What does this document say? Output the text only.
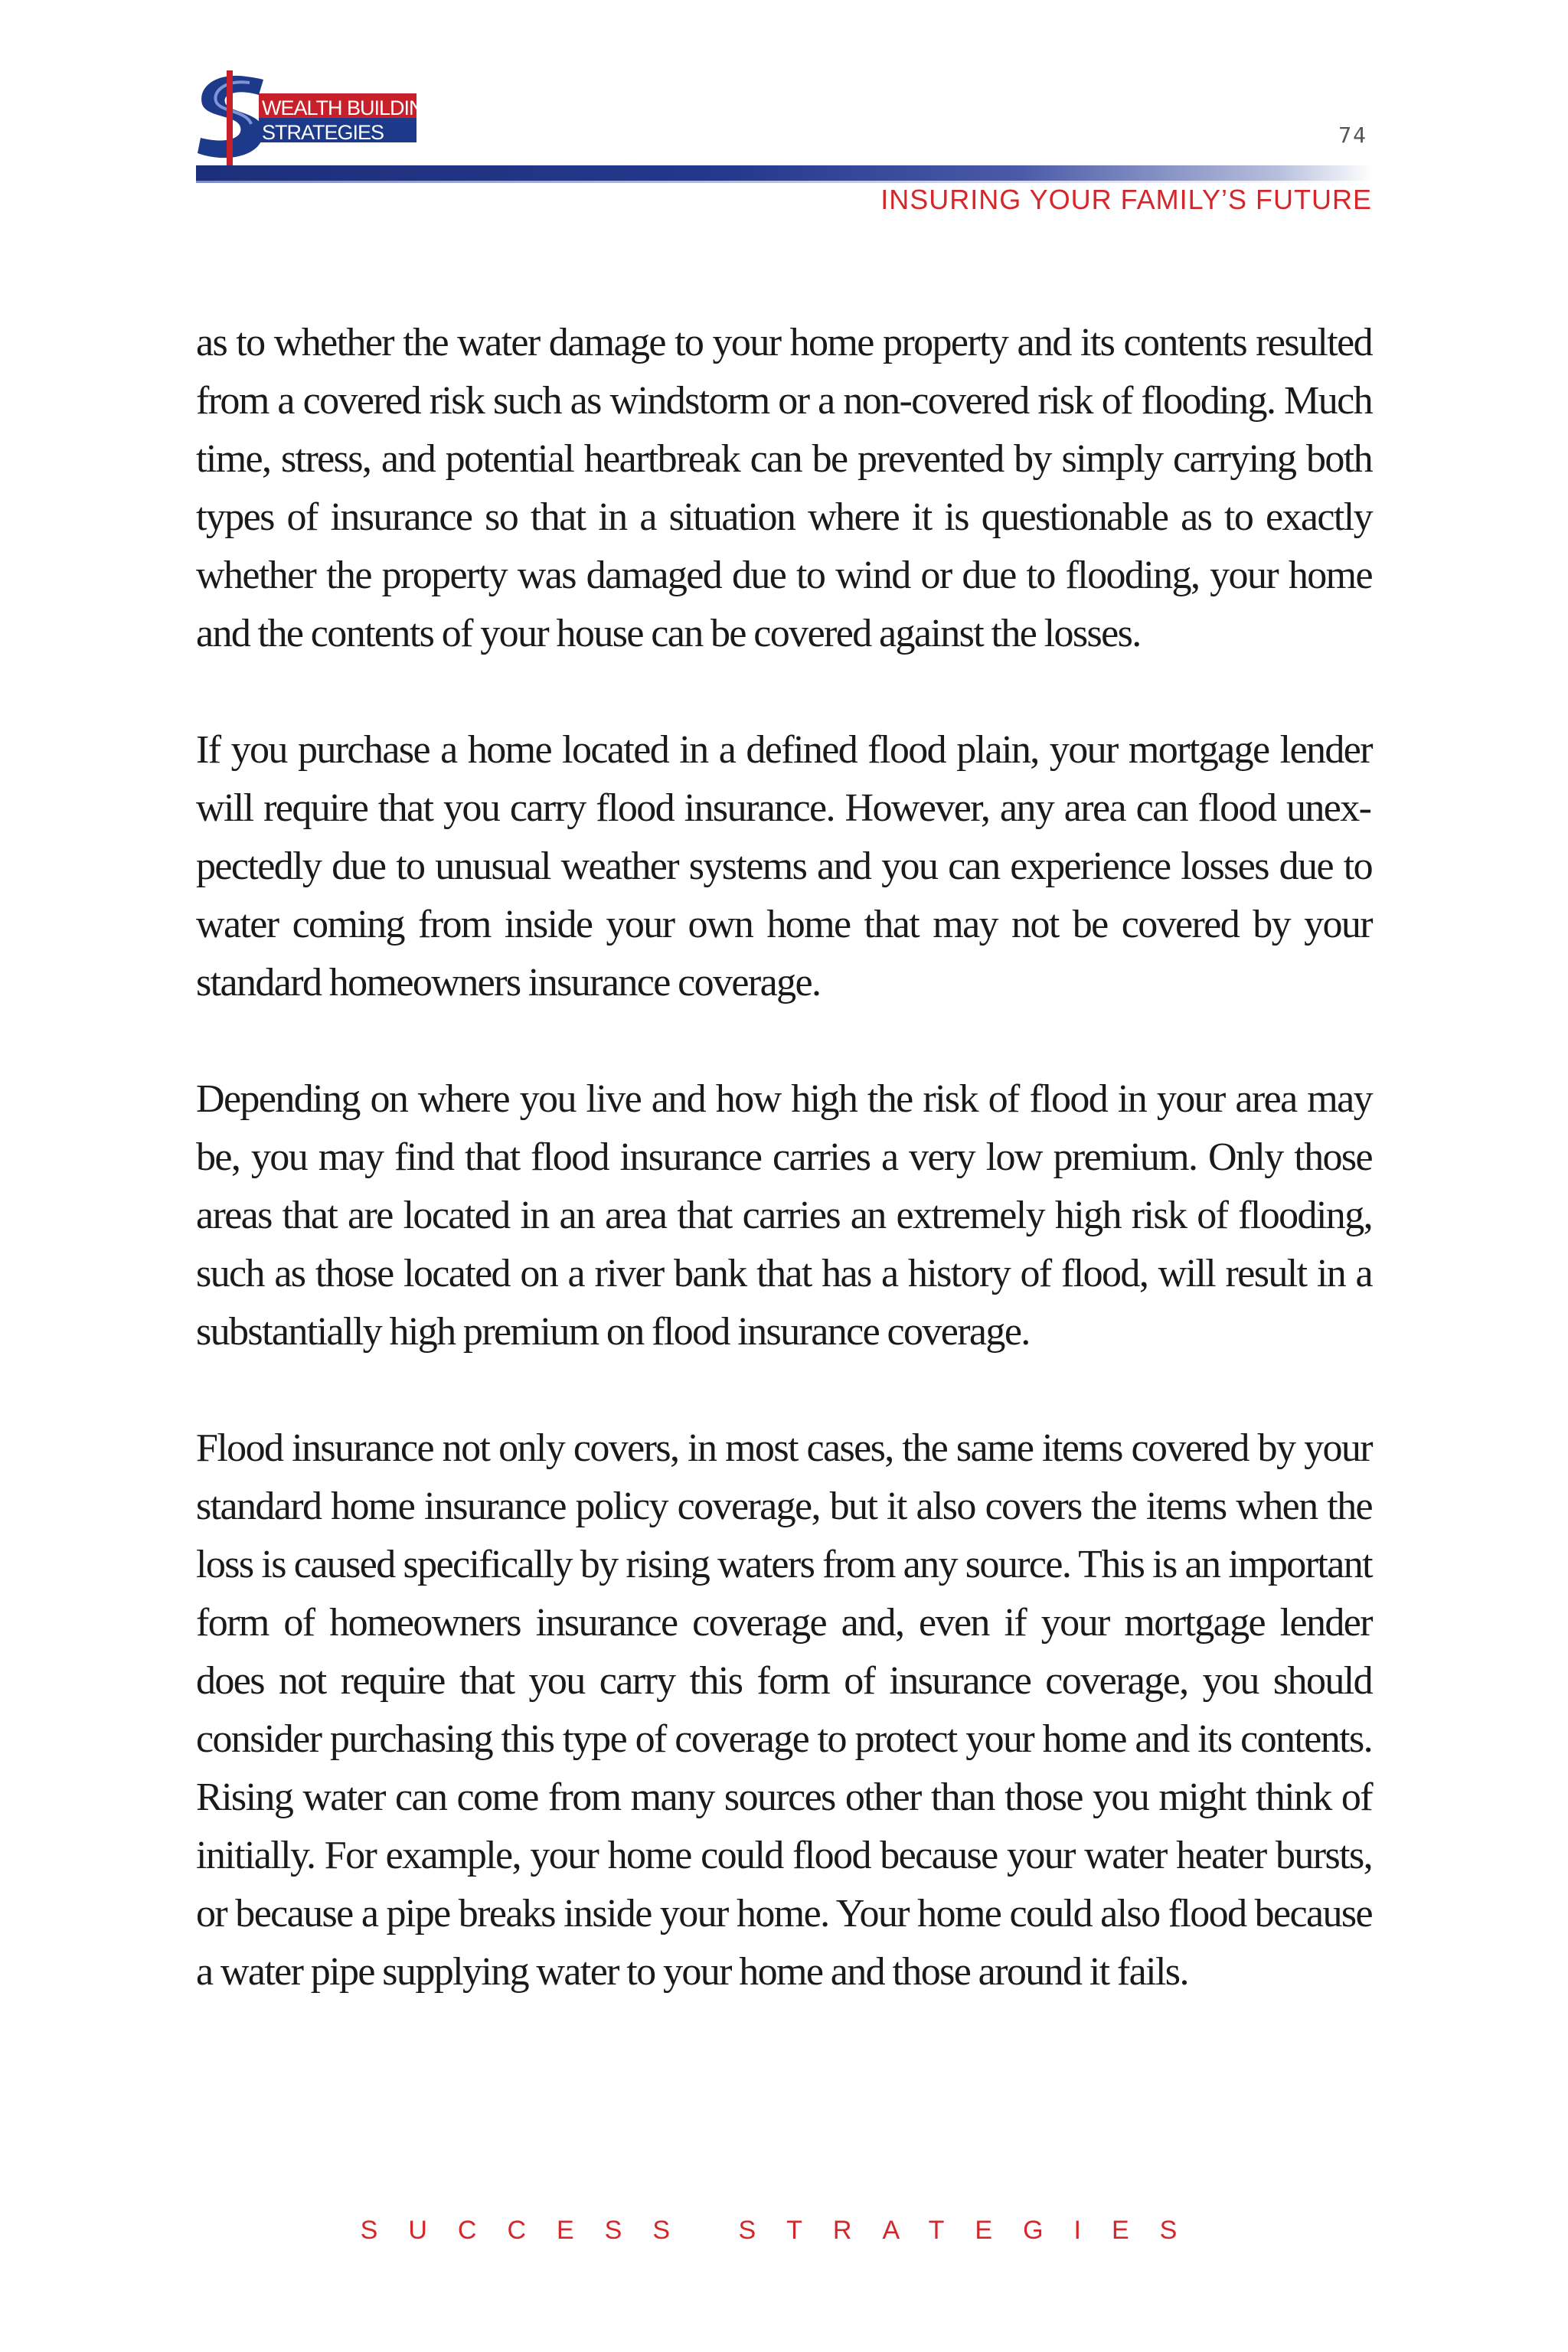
WEALTH BUILDING
STRATEGIES	74
INSURING YOUR FAMILY’S FUTURE

as to whether the water damage to your home property and its contents resulted from a covered risk such as windstorm or a non-covered risk of flooding. Much time, stress, and potential heartbreak can be prevented by simply carrying both types of insurance so that in a situation where it is questionable as to exactly whether the property was damaged due to wind or due to flooding, your home and the contents of your house can be covered against the losses.

If you purchase a home located in a defined flood plain, your mortgage lender will require that you carry flood insurance. However, any area can flood unexpectedly due to unusual weather systems and you can experience losses due to water coming from inside your own home that may not be covered by your standard homeowners insurance coverage.

Depending on where you live and how high the risk of flood in your area may be, you may find that flood insurance carries a very low premium. Only those areas that are located in an area that carries an extremely high risk of flooding, such as those located on a river bank that has a history of flood, will result in a substantially high premium on flood insurance coverage.

Flood insurance not only covers, in most cases, the same items covered by your standard home insurance policy coverage, but it also covers the items when the loss is caused specifically by rising waters from any source. This is an important form of homeowners insurance coverage and, even if your mortgage lender does not require that you carry this form of insurance coverage, you should consider purchasing this type of coverage to protect your home and its contents. Rising water can come from many sources other than those you might think of initially. For example, your home could flood because your water heater bursts, or because a pipe breaks inside your home. Your home could also flood because a water pipe supplying water to your home and those around it fails.

SUCCESS STRATEGIES
